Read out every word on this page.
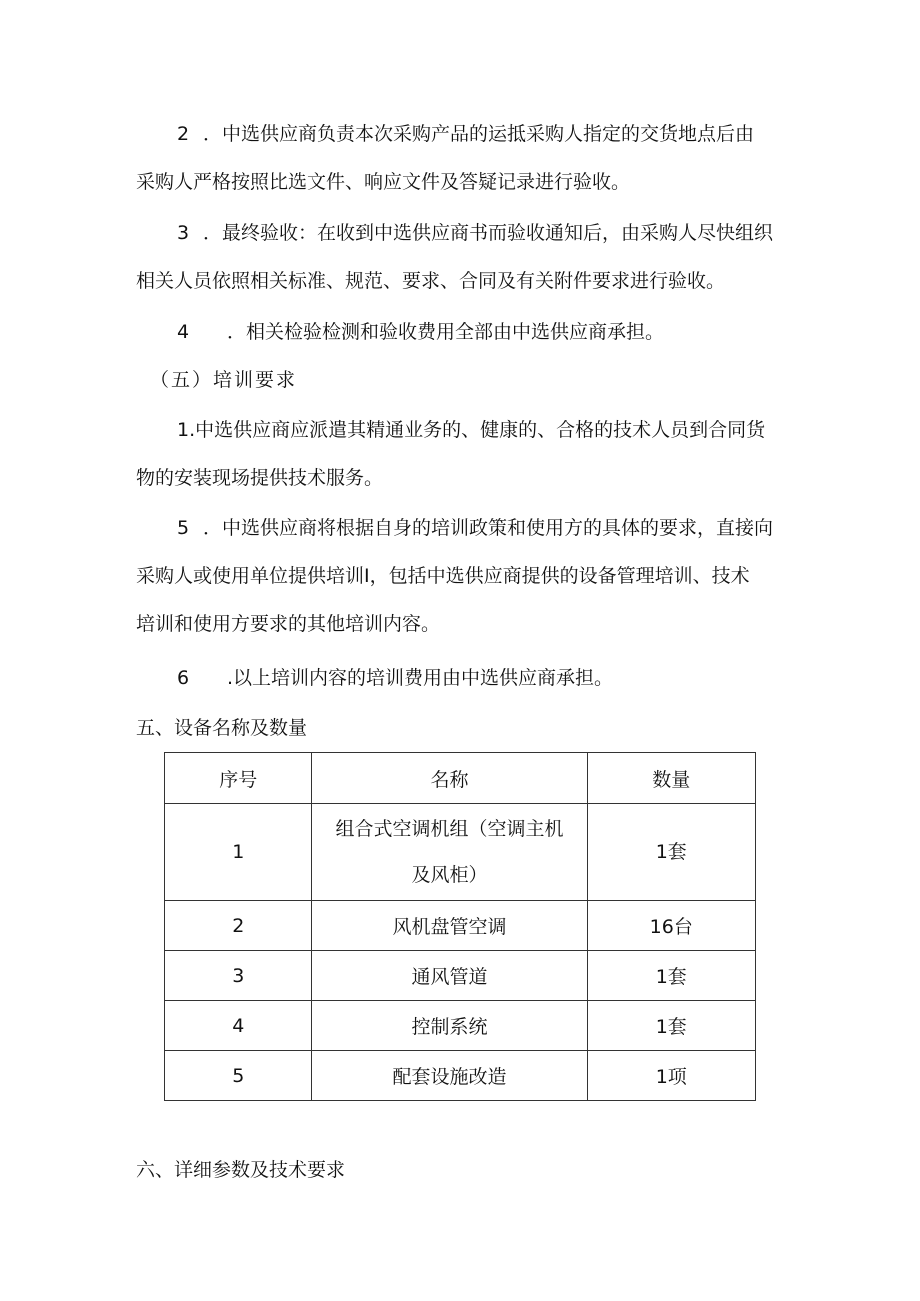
2 ．中选供应商负责本次采购产品的运抵采购人指定的交货地点后由

采购人严格按照比选文件、响应文件及答疑记录进行验收。

3 ．最终验收：在收到中选供应商书而验收通知后，由采购人尽快组织

相关人员依照相关标准、规范、要求、合同及有关附件要求进行验收。

4 ．相关检验检测和验收费用全部由中选供应商承担。

（五）培训要求

1.中选供应商应派遣其精通业务的、健康的、合格的技术人员到合同货

物的安装现场提供技术服务。

5 ．中选供应商将根据自身的培训政策和使用方的具体的要求，直接向

采购人或使用单位提供培训I，包括中选供应商提供的设备管理培训、技术

培训和使用方要求的其他培训内容。

6 .以上培训内容的培训费用由中选供应商承担。

五、设备名称及数量

序号	名称	数量
1	组合式空调机组（空调主机
及风柜）	1套
2	风机盘管空调	16台
3	通风管道	1套
4	控制系统	1套
5	配套设施改造	1项

六、详细参数及技术要求
